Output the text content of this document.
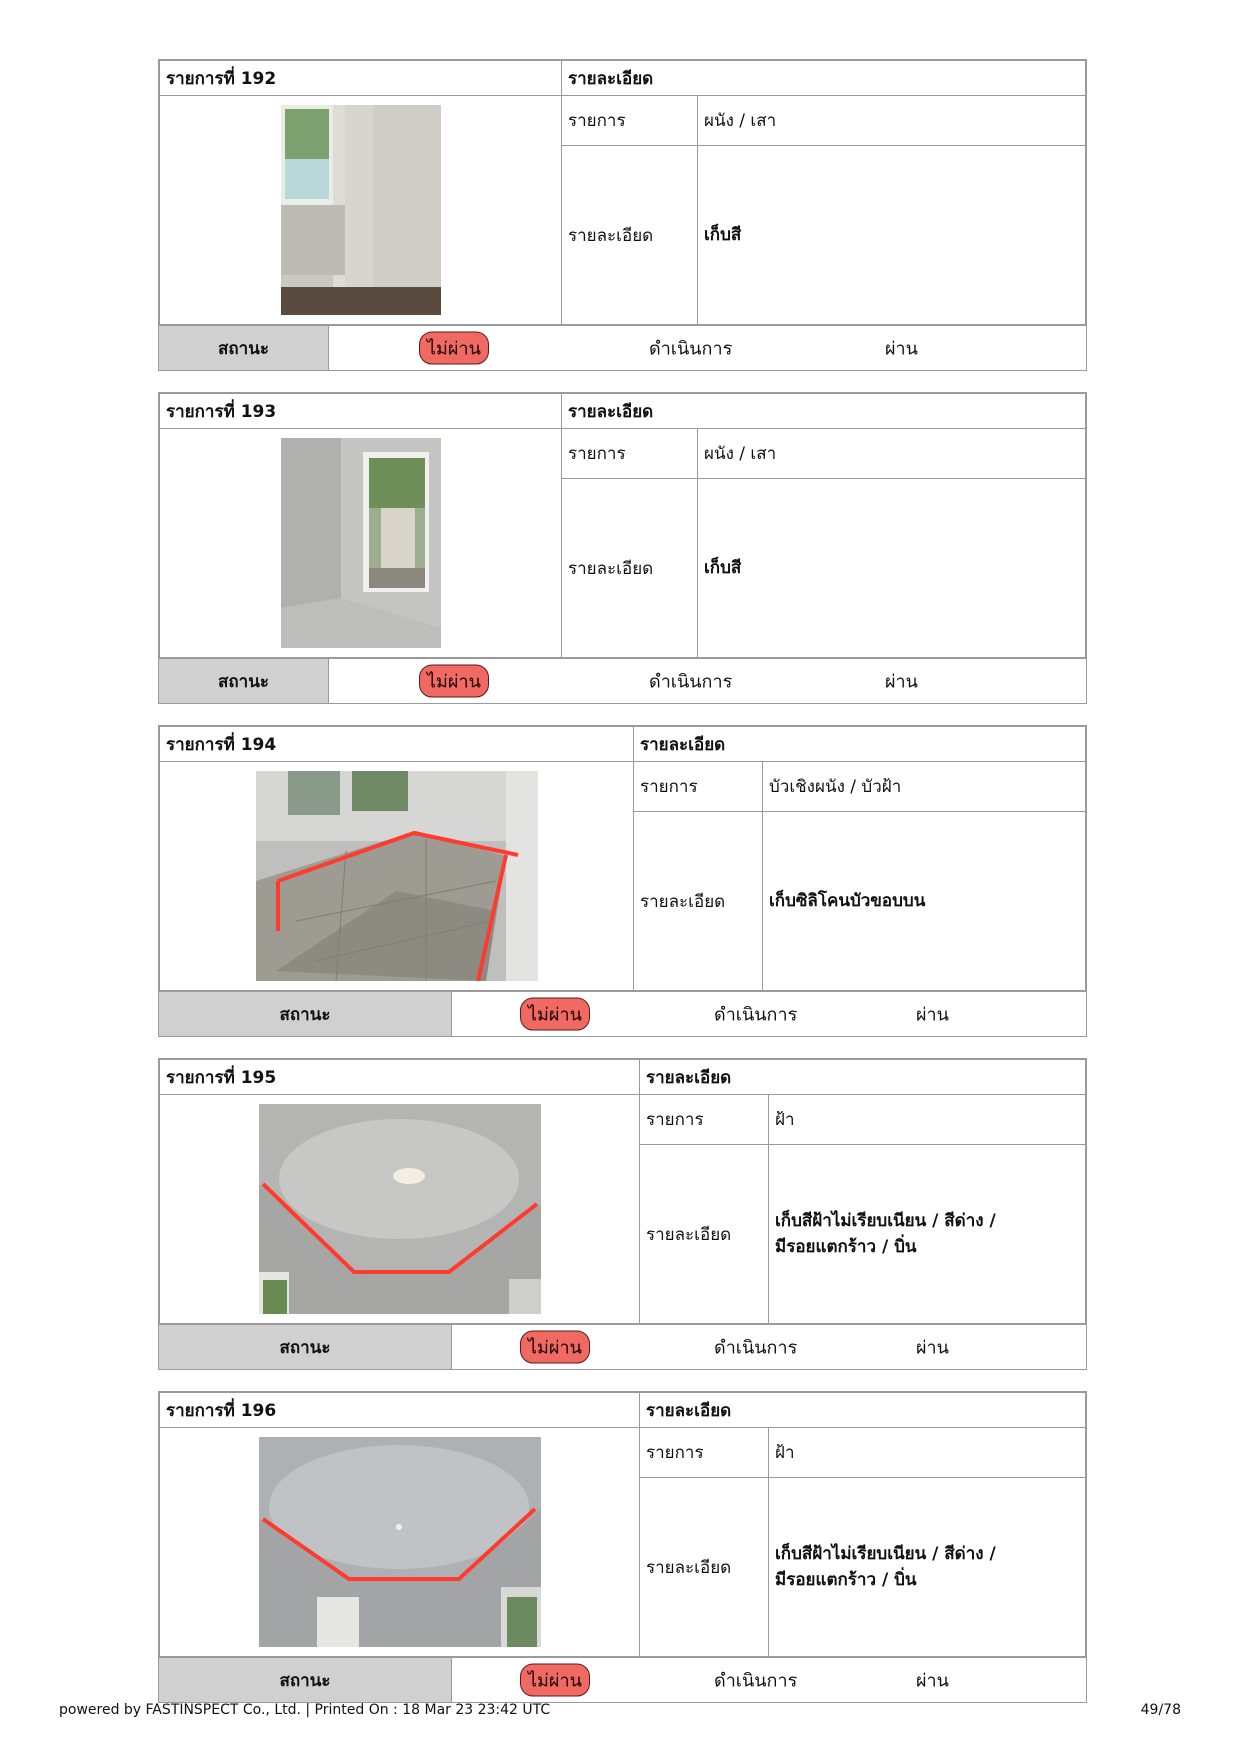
รายการที่ 192	รายละเอียด	
	รายการ	ผนัง / เสา
	รายละเอียด	เก็บสี
สถานะ	ไม่ผ่าน	ดำเนินการ	ผ่าน
รายการที่ 193	รายละเอียด	
	รายการ	ผนัง / เสา
	รายละเอียด	เก็บสี
สถานะ	ไม่ผ่าน	ดำเนินการ	ผ่าน
รายการที่ 194	รายละเอียด	
	รายการ	บัวเชิงผนัง / บัวฝ้า
	รายละเอียด	เก็บซิลิโคนบัวขอบบน
สถานะ	ไม่ผ่าน	ดำเนินการ	ผ่าน
รายการที่ 195	รายละเอียด	
	รายการ	ฝ้า
	รายละเอียด	เก็บสีฝ้าไม่เรียบเนียน / สีด่าง /
มีรอยแตกร้าว / บิ่น
สถานะ	ไม่ผ่าน	ดำเนินการ	ผ่าน
รายการที่ 196	รายละเอียด	
	รายการ	ฝ้า
	รายละเอียด	เก็บสีฝ้าไม่เรียบเนียน / สีด่าง /
มีรอยแตกร้าว / บิ่น
สถานะ	ไม่ผ่าน	ดำเนินการ	ผ่าน
powered by FASTINSPECT Co., Ltd. | Printed On : 18 Mar 23 23:42 UTC	49/78
